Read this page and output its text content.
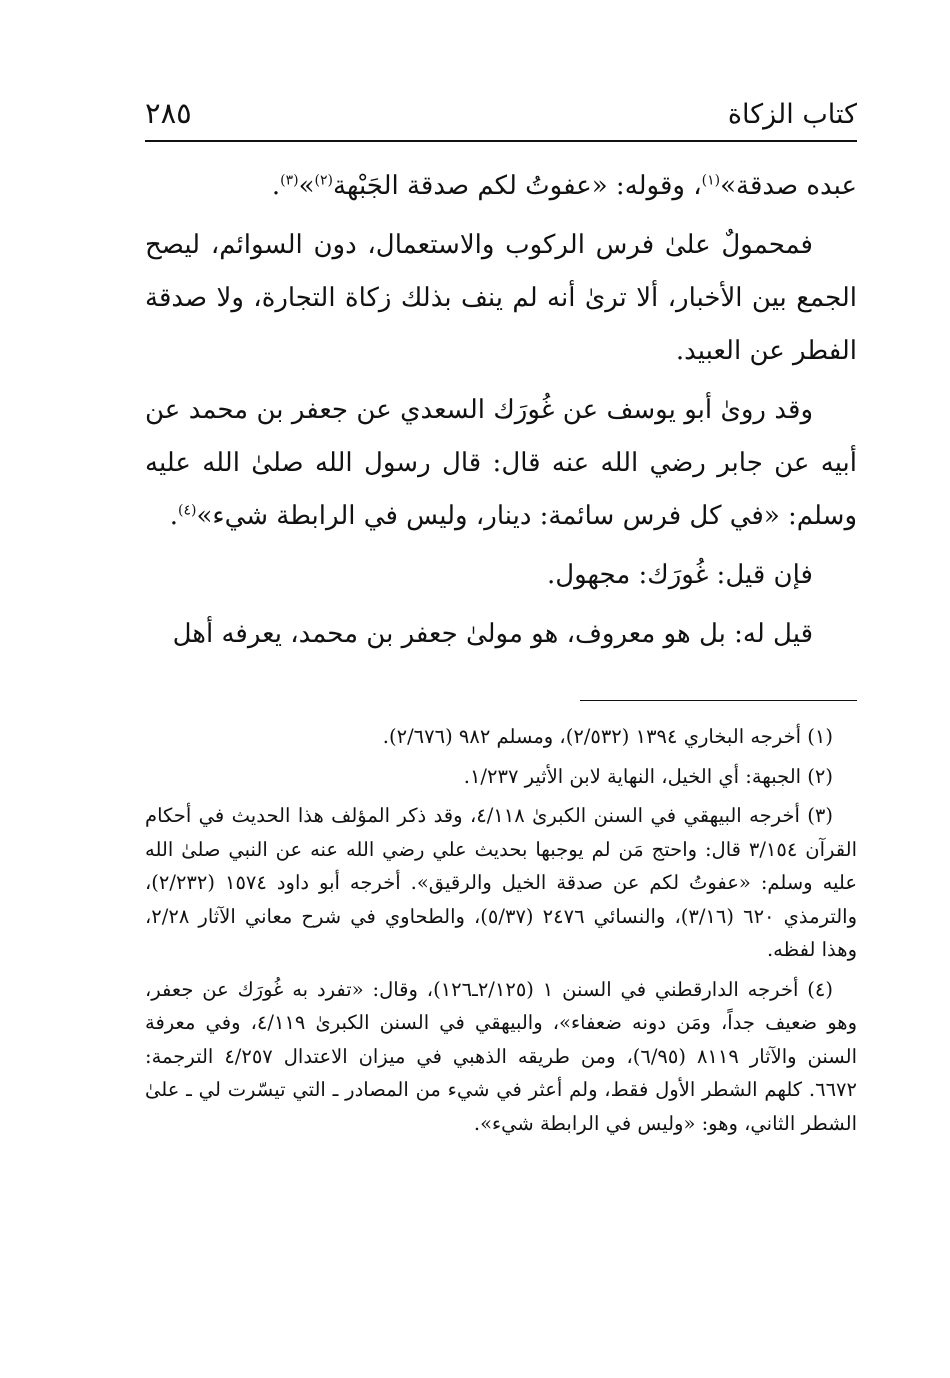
كتاب الزكاة
٢٨٥

عبده صدقة»$^{(١)}$، وقوله: «عفوتُ لكم صدقة الجَبْهة$^{(٢)}$»$^{(٣)}$.

فمحمولٌ علىٰ فرس الركوب والاستعمال، دون السوائم، ليصح الجمع بين الأخبار، ألا ترىٰ أنه لم ينف بذلك زكاة التجارة، ولا صدقة الفطر عن العبيد.

وقد روىٰ أبو يوسف عن غُورَك السعدي عن جعفر بن محمد عن أبيه عن جابر رضي الله عنه قال: قال رسول الله صلىٰ الله عليه وسلم: «في كل فرس سائمة: دينار، وليس في الرابطة شيء»$^{(٤)}$.

فإن قيل: غُورَك: مجهول.

قيل له: بل هو معروف، هو مولىٰ جعفر بن محمد، يعرفه أهل

(١) أخرجه البخاري ١٣٩٤ (٢/٥٣٢)، ومسلم ٩٨٢ (٢/٦٧٦).

(٢) الجبهة: أي الخيل، النهاية لابن الأثير ١/٢٣٧.

(٣) أخرجه البيهقي في السنن الكبرىٰ ٤/١١٨، وقد ذكر المؤلف هذا الحديث في أحكام القرآن ٣/١٥٤ قال: واحتج مَن لم يوجبها بحديث علي رضي الله عنه عن النبي صلىٰ الله عليه وسلم: «عفوتُ لكم عن صدقة الخيل والرقيق». أخرجه أبو داود ١٥٧٤ (٢/٢٣٢)، والترمذي ٦٢٠ (٣/١٦)، والنسائي ٢٤٧٦ (٥/٣٧)، والطحاوي في شرح معاني الآثار ٢/٢٨، وهذا لفظه.

(٤) أخرجه الدارقطني في السنن ١ (٢/١٢٥ـ١٢٦)، وقال: «تفرد به غُورَك عن جعفر، وهو ضعيف جداً، ومَن دونه ضعفاء»، والبيهقي في السنن الكبرىٰ ٤/١١٩، وفي معرفة السنن والآثار ٨١١٩ (٦/٩٥)، ومن طريقه الذهبي في ميزان الاعتدال ٤/٢٥٧ الترجمة: ٦٦٧٢. كلهم الشطر الأول فقط، ولم أعثر في شيء من المصادر ـ التي تيسّرت لي ـ علىٰ الشطر الثاني، وهو: «وليس في الرابطة شيء».
